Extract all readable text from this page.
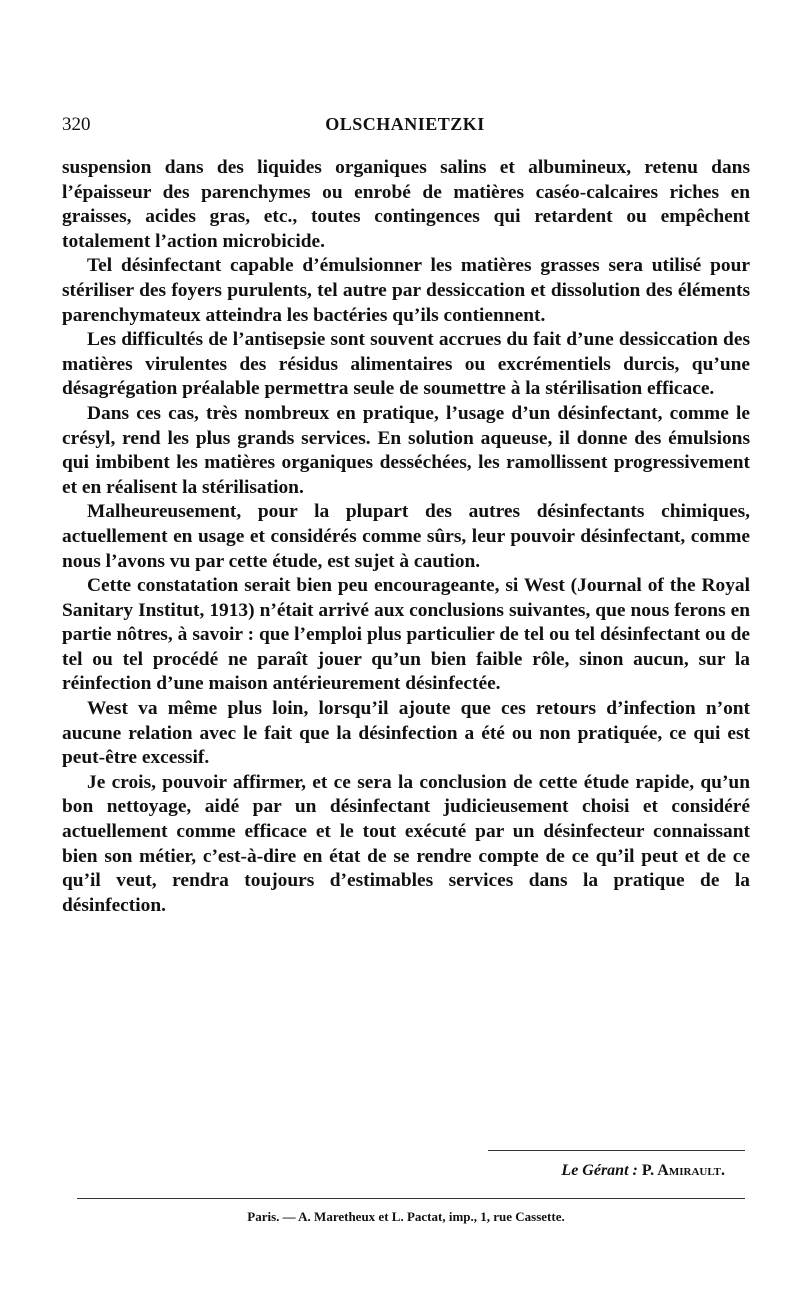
320	OLSCHANIETZKI

suspension dans des liquides organiques salins et albumineux, retenu dans l’épaisseur des parenchymes ou enrobé de matières caséo-calcaires riches en graisses, acides gras, etc., toutes contingences qui retardent ou empêchent totalement l’action microbicide.

Tel désinfectant capable d’émulsionner les matières grasses sera utilisé pour stériliser des foyers purulents, tel autre par dessiccation et dissolution des éléments parenchymateux atteindra les bactéries qu’ils contiennent.

Les difficultés de l’antisepsie sont souvent accrues du fait d’une dessiccation des matières virulentes des résidus alimentaires ou excrémentiels durcis, qu’une désagrégation préalable permettra seule de soumettre à la stérilisation efficace.

Dans ces cas, très nombreux en pratique, l’usage d’un désinfectant, comme le crésyl, rend les plus grands services. En solution aqueuse, il donne des émulsions qui imbibent les matières organiques desséchées, les ramollissent progressivement et en réalisent la stérilisation.

Malheureusement, pour la plupart des autres désinfectants chimiques, actuellement en usage et considérés comme sûrs, leur pouvoir désinfectant, comme nous l’avons vu par cette étude, est sujet à caution.

Cette constatation serait bien peu encourageante, si West (Journal of the Royal Sanitary Institut, 1913) n’était arrivé aux conclusions suivantes, que nous ferons en partie nôtres, à savoir : que l’emploi plus particulier de tel ou tel désinfectant ou de tel ou tel procédé ne paraît jouer qu’un bien faible rôle, sinon aucun, sur la réinfection d’une maison antérieurement désinfectée.

West va même plus loin, lorsqu’il ajoute que ces retours d’infection n’ont aucune relation avec le fait que la désinfection a été ou non pratiquée, ce qui est peut-être excessif.

Je crois, pouvoir affirmer, et ce sera la conclusion de cette étude rapide, qu’un bon nettoyage, aidé par un désinfectant judicieusement choisi et considéré actuellement comme efficace et le tout exécuté par un désinfecteur connaissant bien son métier, c’est-à-dire en état de se rendre compte de ce qu’il peut et de ce qu’il veut, rendra toujours d’estimables services dans la pratique de la désinfection.

Le Gérant : P. Amirault.
Paris. — A. Maretheux et L. Pactat, imp., 1, rue Cassette.
